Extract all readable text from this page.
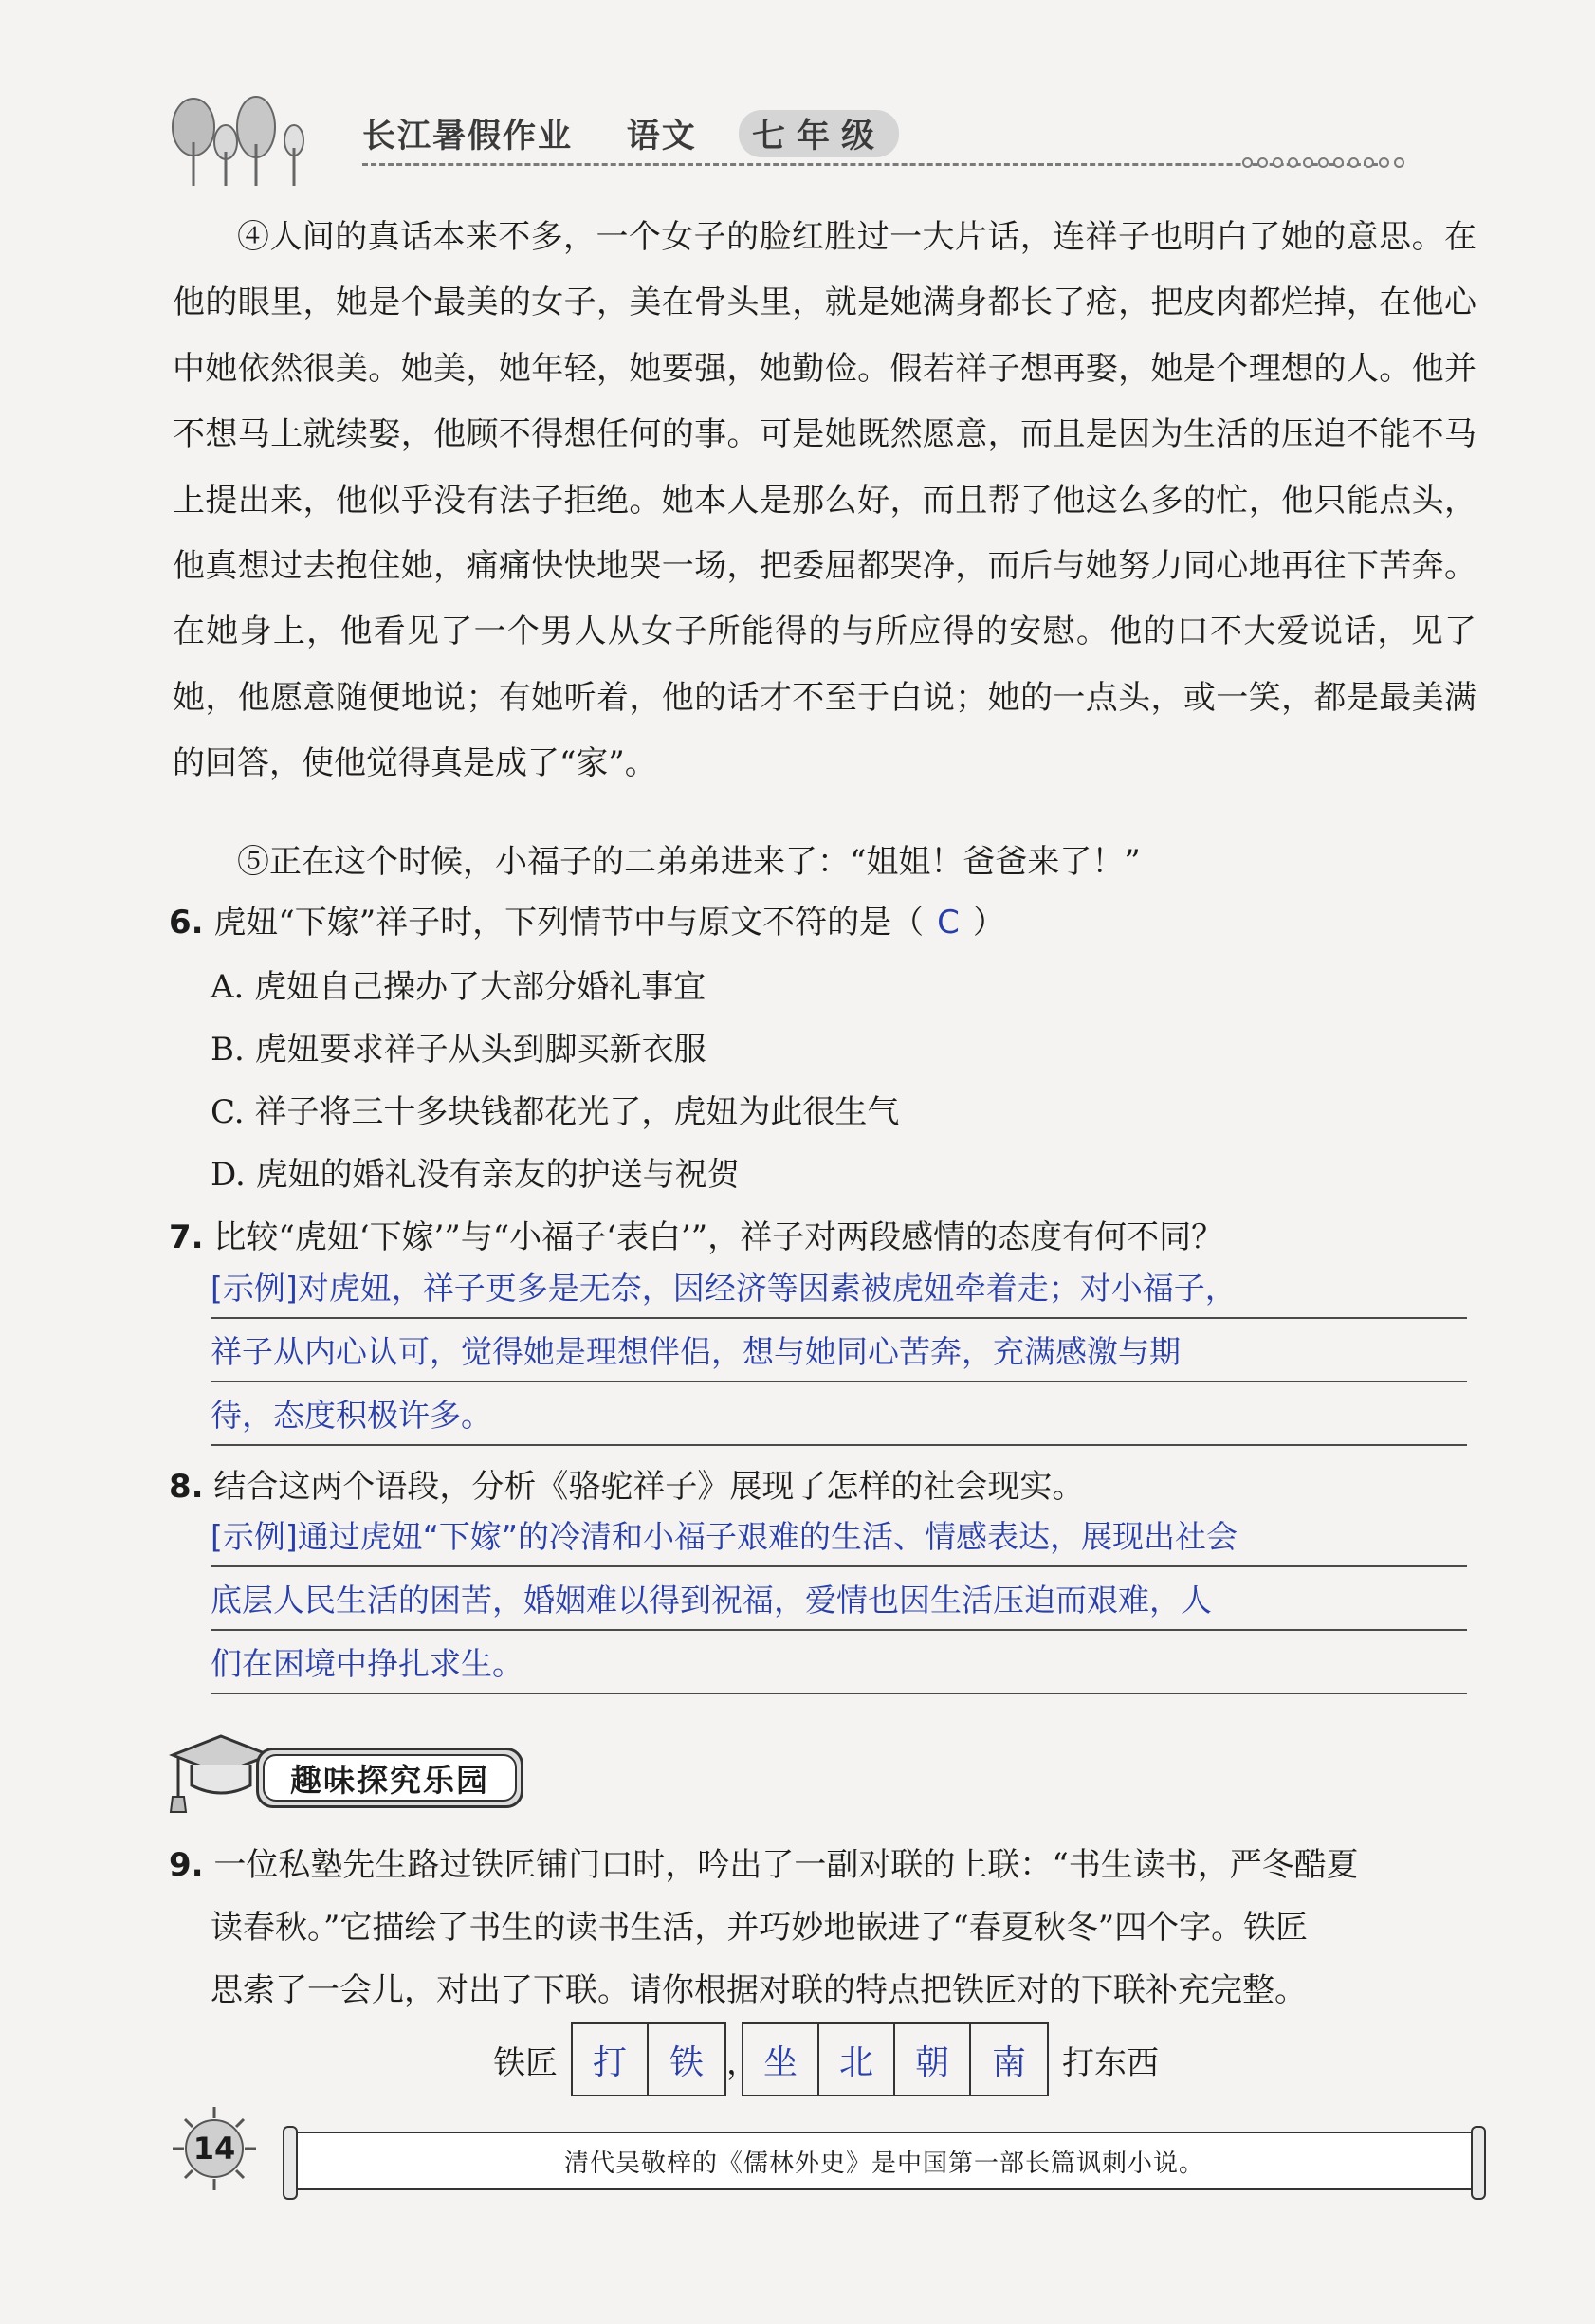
长江暑假作业 语文 七年级

④人间的真话本来不多，一个女子的脸红胜过一大片话，连祥子也明白了她的意思。在他的眼里，她是个最美的女子，美在骨头里，就是她满身都长了疮，把皮肉都烂掉，在他心中她依然很美。她美，她年轻，她要强，她勤俭。假若祥子想再娶，她是个理想的人。他并不想马上就续娶，他顾不得想任何的事。可是她既然愿意，而且是因为生活的压迫不能不马上提出来，他似乎没有法子拒绝。她本人是那么好，而且帮了他这么多的忙，他只能点头，他真想过去抱住她，痛痛快快地哭一场，把委屈都哭净，而后与她努力同心地再往下苦奔。在她身上，他看见了一个男人从女子所能得的与所应得的安慰。他的口不大爱说话，见了她，他愿意随便地说；有她听着，他的话才不至于白说；她的一点头，或一笑，都是最美满的回答，使他觉得真是成了“家”。

⑤正在这个时候，小福子的二弟弟进来了：“姐姐！爸爸来了！”

6. 虎妞“下嫁”祥子时，下列情节中与原文不符的是（ C ）
A. 虎妞自己操办了大部分婚礼事宜
B. 虎妞要求祥子从头到脚买新衣服
C. 祥子将三十多块钱都花光了，虎妞为此很生气
D. 虎妞的婚礼没有亲友的护送与祝贺
7. 比较“虎妞‘下嫁’”与“小福子‘表白’”，祥子对两段感情的态度有何不同？
[示例]对虎妞，祥子更多是无奈，因经济等因素被虎妞牵着走；对小福子，
祥子从内心认可，觉得她是理想伴侣，想与她同心苦奔，充满感激与期
待，态度积极许多。
8. 结合这两个语段，分析《骆驼祥子》展现了怎样的社会现实。
[示例]通过虎妞“下嫁”的冷清和小福子艰难的生活、情感表达，展现出社会
底层人民生活的困苦，婚姻难以得到祝福，爱情也因生活压迫而艰难，人
们在困境中挣扎求生。
趣味探究乐园
9. 一位私塾先生路过铁匠铺门口时，吟出了一副对联的上联：“书生读书，严冬酷夏
读春秋。”它描绘了书生的读书生活，并巧妙地嵌进了“春夏秋冬”四个字。铁匠
思索了一会儿，对出了下联。请你根据对联的特点把铁匠对的下联补充完整。
铁匠	打	铁 ， 坐	北	朝	南	打东西
14	清代吴敬梓的《儒林外史》是中国第一部长篇讽刺小说。
